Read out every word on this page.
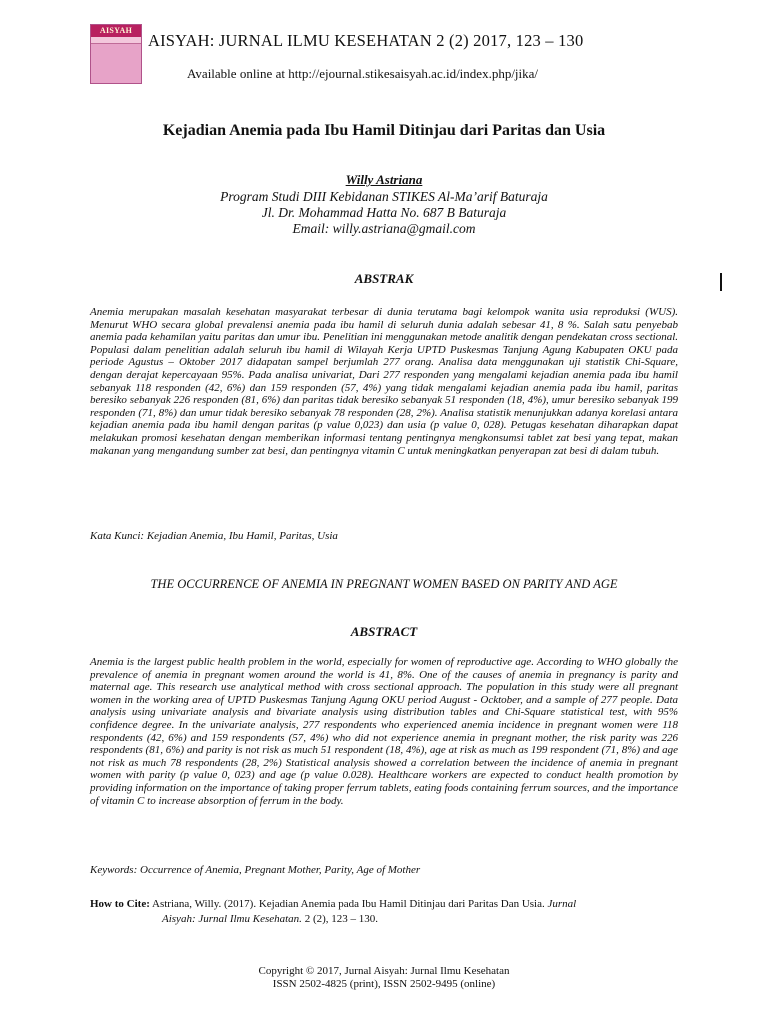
AISYAH
AISYAH: JURNAL ILMU KESEHATAN 2 (2) 2017, 123 – 130
Available online at http://ejournal.stikesaisyah.ac.id/index.php/jika/
Kejadian Anemia pada Ibu Hamil Ditinjau dari Paritas dan Usia
Willy Astriana
Program Studi DIII Kebidanan STIKES Al-Ma’arif Baturaja
Jl. Dr. Mohammad Hatta No. 687 B Baturaja
Email: willy.astriana@gmail.com
ABSTRAK

Anemia merupakan masalah kesehatan masyarakat terbesar di dunia terutama bagi kelompok wanita usia reproduksi (WUS). Menurut WHO secara global prevalensi anemia pada ibu hamil di seluruh dunia adalah sebesar 41, 8 %. Salah satu penyebab anemia pada kehamilan yaitu paritas dan umur ibu. Penelitian ini menggunakan metode analitik dengan pendekatan cross sectional. Populasi dalam penelitian adalah seluruh ibu hamil di Wilayah Kerja UPTD Puskesmas Tanjung Agung Kabupaten OKU pada periode Agustus – Oktober 2017 didapatan sampel berjumlah 277 orang. Analisa data menggunakan uji statistik Chi-Square, dengan derajat kepercayaan 95%. Pada analisa univariat, Dari 277 responden yang mengalami kejadian anemia pada ibu hamil sebanyak 118 responden (42, 6%) dan 159 responden (57, 4%) yang tidak mengalami kejadian anemia pada ibu hamil, paritas beresiko sebanyak 226 responden (81, 6%) dan paritas tidak beresiko sebanyak 51 responden (18, 4%), umur beresiko sebanyak 199 responden (71, 8%) dan umur tidak beresiko sebanyak 78 responden (28, 2%). Analisa statistik menunjukkan adanya korelasi antara kejadian anemia pada ibu hamil dengan paritas (p value 0,023) dan usia (p value 0, 028). Petugas kesehatan diharapkan dapat melakukan promosi kesehatan dengan memberikan informasi tentang pentingnya mengkonsumsi tablet zat besi yang tepat, makan makanan yang mengandung sumber zat besi, dan pentingnya vitamin C untuk meningkatkan penyerapan zat besi di dalam tubuh.

Kata Kunci: Kejadian Anemia, Ibu Hamil, Paritas, Usia
THE OCCURRENCE OF ANEMIA IN PREGNANT WOMEN BASED ON PARITY AND AGE
ABSTRACT

Anemia is the largest public health problem in the world, especially for women of reproductive age. According to WHO globally the prevalence of anemia in pregnant women around the world is 41, 8%. One of the causes of anemia in pregnancy is parity and maternal age. This research use analytical method with cross sectional approach. The population in this study were all pregnant women in the working area of UPTD Puskesmas Tanjung Agung OKU period August - Ocktober, and a sample of 277 people. Data analysis using univariate analysis and bivariate analysis using distribution tables and Chi-Square statistical test, with 95% confidence degree. In the univariate analysis, 277 respondents who experienced anemia incidence in pregnant women were 118 respondents (42, 6%) and 159 respondents (57, 4%) who did not experience anemia in pregnant mother, the risk parity was 226 respondents (81, 6%) and parity is not risk as much 51 respondent (18, 4%), age at risk as much as 199 respondent (71, 8%) and age not risk as much 78 respondents (28, 2%) Statistical analysis showed a correlation between the incidence of anemia in pregnant women with parity (p value 0, 023) and age (p value 0.028). Healthcare workers are expected to conduct health promotion by providing information on the importance of taking proper ferrum tablets, eating foods containing ferrum sources, and the importance of vitamin C to increase absorption of ferrum in the body.

Keywords: Occurrence of Anemia, Pregnant Mother, Parity, Age of Mother
How to Cite: Astriana, Willy. (2017). Kejadian Anemia pada Ibu Hamil Ditinjau dari Paritas Dan Usia. Jurnal
Aisyah: Jurnal Ilmu Kesehatan. 2 (2), 123 – 130.
Copyright © 2017, Jurnal Aisyah: Jurnal Ilmu Kesehatan
ISSN 2502-4825 (print), ISSN 2502-9495 (online)
